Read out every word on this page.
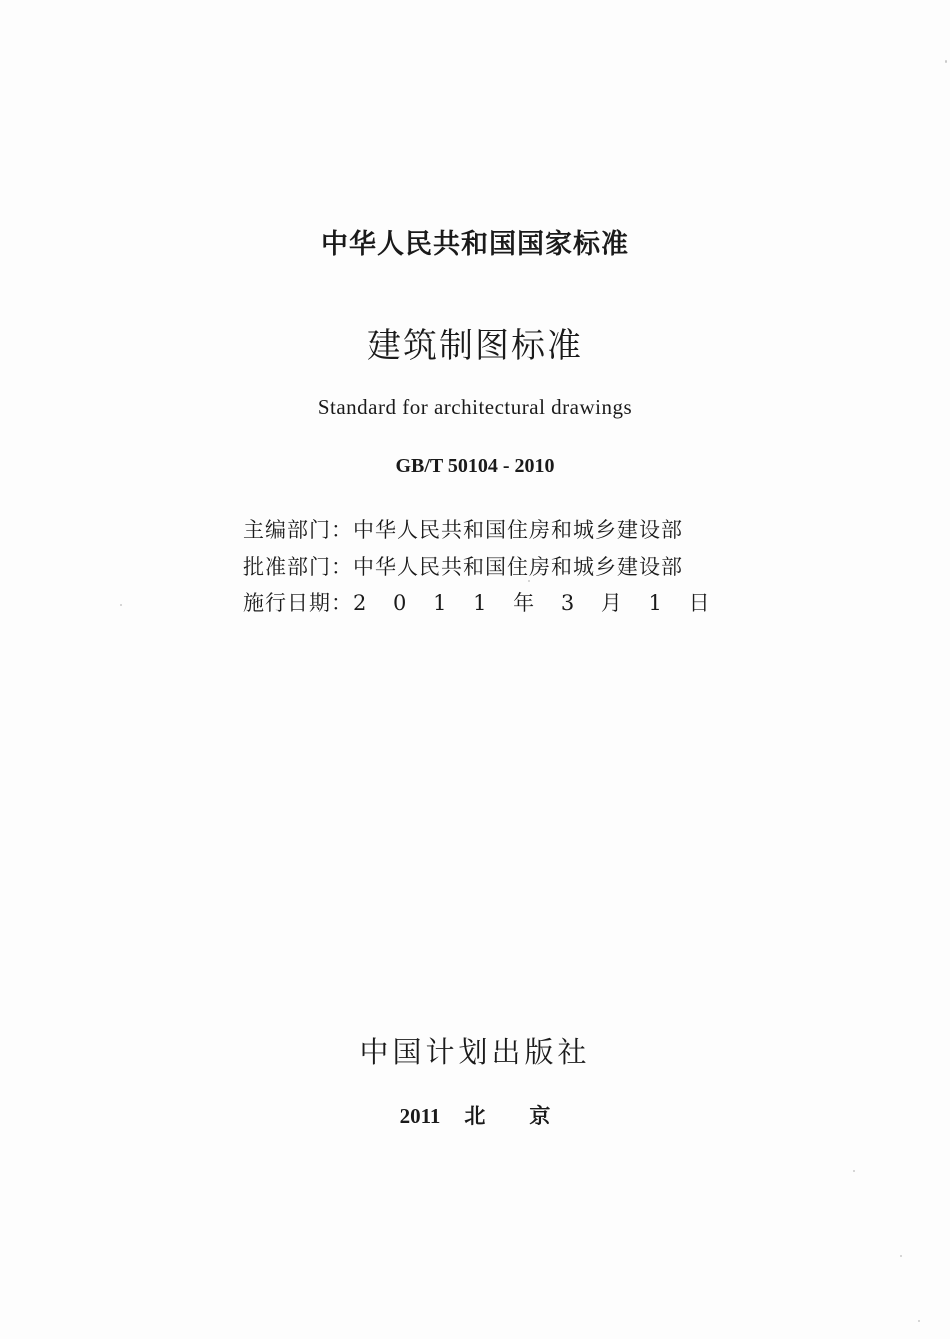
中华人民共和国国家标准
建筑制图标准
Standard for architectural drawings
GB/T 50104 - 2010
主编部门：中华人民共和国住房和城乡建设部
批准部门：中华人民共和国住房和城乡建设部
施行日期：2 0 1 1 年 3 月 1 日
中国计划出版社
2011 北 京
